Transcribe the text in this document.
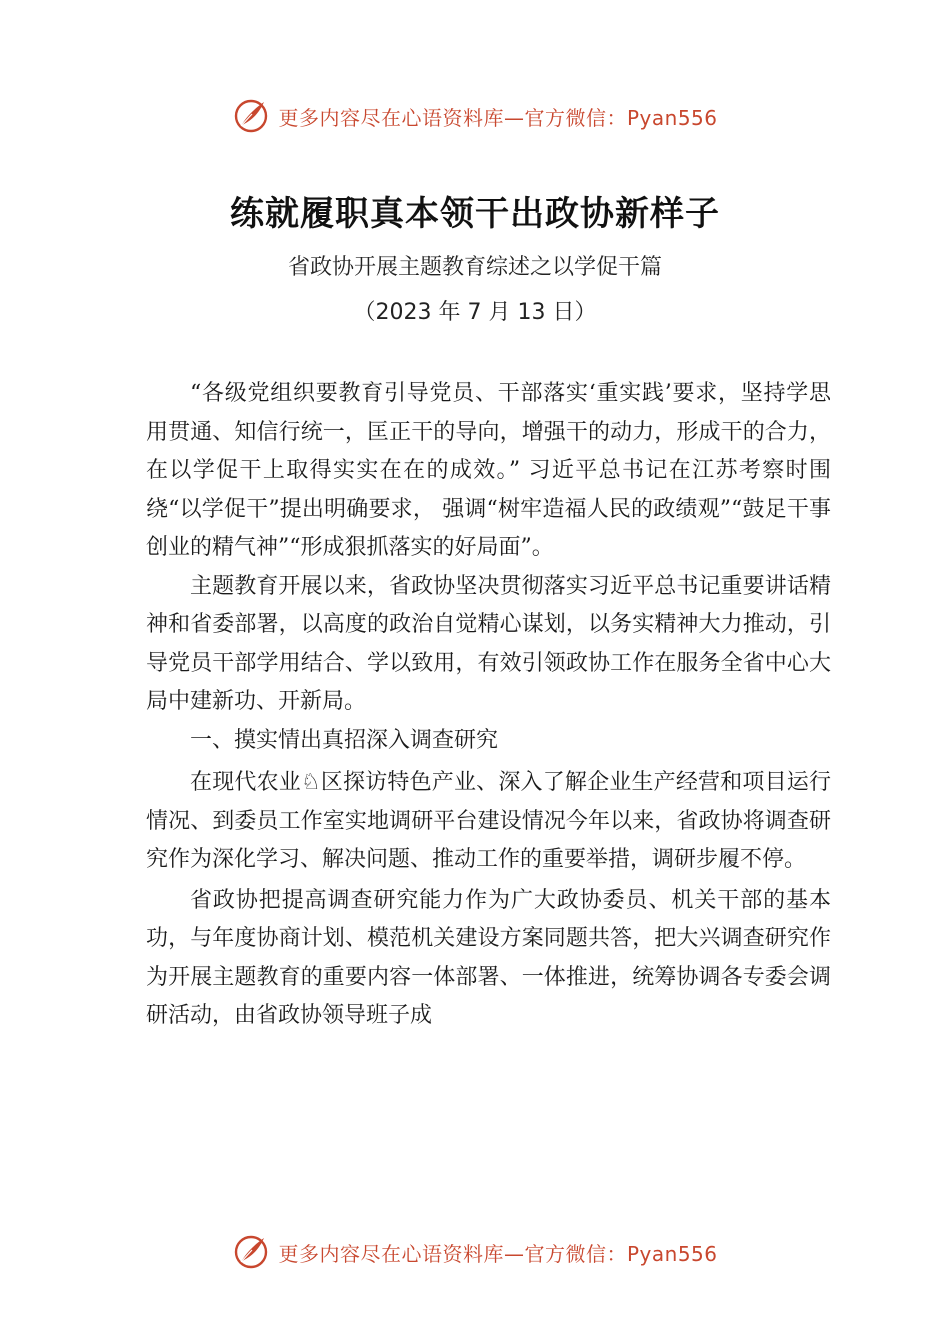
更多内容尽在心语资料库—官方微信：Pyan556
练就履职真本领干出政协新样子
省政协开展主题教育综述之以学促干篇
（2023 年 7 月 13 日）

“各级党组织要教育引导党员、干部落实‘重实践’要求，坚持学思用贯通、知信行统一，匡正干的导向，增强干的动力，形成干的合力，在以学促干上取得实实在在的成效。” 习近平总书记在江苏考察时围绕“以学促干”提出明确要求， 强调“树牢造福人民的政绩观”“鼓足干事创业的精气神”“形成狠抓落实的好局面”。

主题教育开展以来，省政协坚决贯彻落实习近平总书记重要讲话精神和省委部署，以高度的政治自觉精心谋划，以务实精神大力推动，引导党员干部学用结合、学以致用，有效引领政协工作在服务全省中心大局中建新功、开新局。

一、摸实情出真招深入调查研究

在现代农业♘区探访特色产业、深入了解企业生产经营和项目运行情况、到委员工作室实地调研平台建设情况今年以来，省政协将调查研究作为深化学习、解决问题、推动工作的重要举措，调研步履不停。

省政协把提高调查研究能力作为广大政协委员、机关干部的基本功，与年度协商计划、模范机关建设方案同题共答，把大兴调查研究作为开展主题教育的重要内容一体部署、一体推进，统筹协调各专委会调研活动，由省政协领导班子成

更多内容尽在心语资料库—官方微信：Pyan556
